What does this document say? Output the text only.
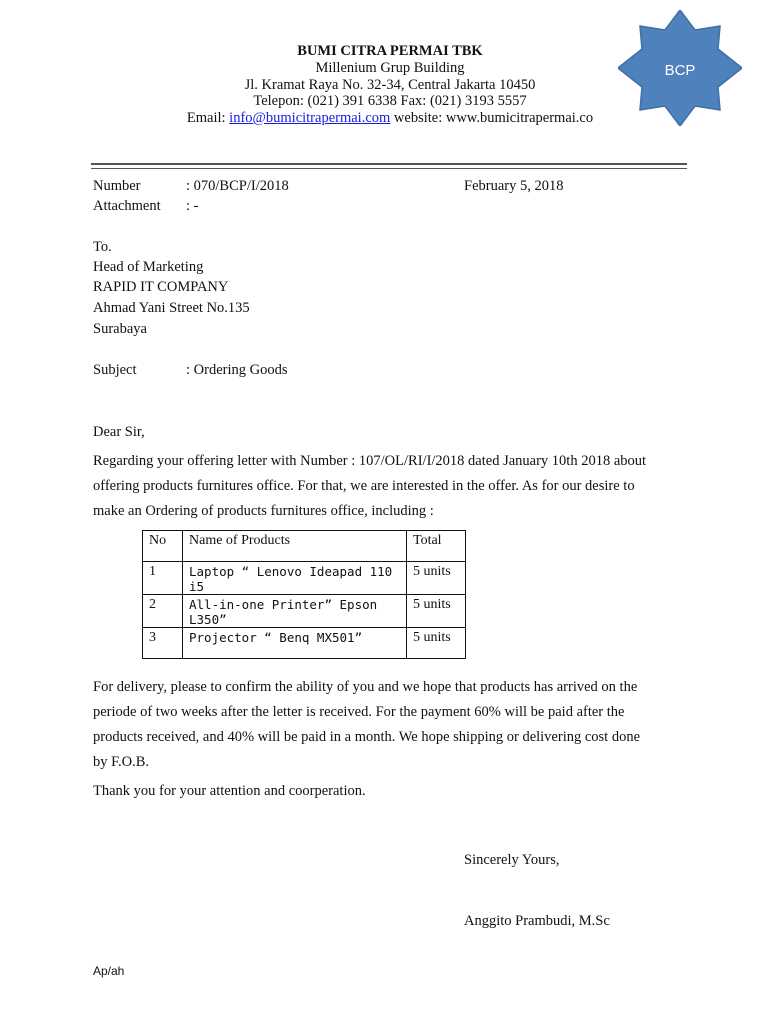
BCP
BUMI CITRA PERMAI TBK
Millenium Grup Building
Jl. Kramat Raya No. 32-34, Central Jakarta 10450
Telepon: (021) 391 6338 Fax: (021) 3193 5557
Email: info@bumicitrapermai.com website: www.bumicitrapermai.co
Number	: 070/BCP/I/2018	February 5, 2018
Attachment : -
To.
Head of Marketing
RAPID IT COMPANY
Ahmad Yani Street No.135
Surabaya
Subject	: Ordering Goods
Dear Sir,
Regarding your offering letter with Number : 107/OL/RI/I/2018 dated January 10th 2018 about
offering products furnitures office. For that, we are interested in the offer. As for our desire to
make an Ordering of products furnitures office, including :
No	Name of Products	Total
1	Laptop “ Lenovo Ideapad 110 i5	5 units
2	All-in-one Printer” Epson L350”	5 units
3	Projector “ Benq MX501”	5 units
For delivery, please to confirm the ability of you and we hope that products has arrived on the
periode of two weeks after the letter is received. For the payment 60% will be paid after the
products received, and 40% will be paid in a month. We hope shipping or delivering cost done
by F.O.B.
Thank you for your attention and coorperation.
Sincerely Yours,
Anggito Prambudi, M.Sc
Ap/ah
